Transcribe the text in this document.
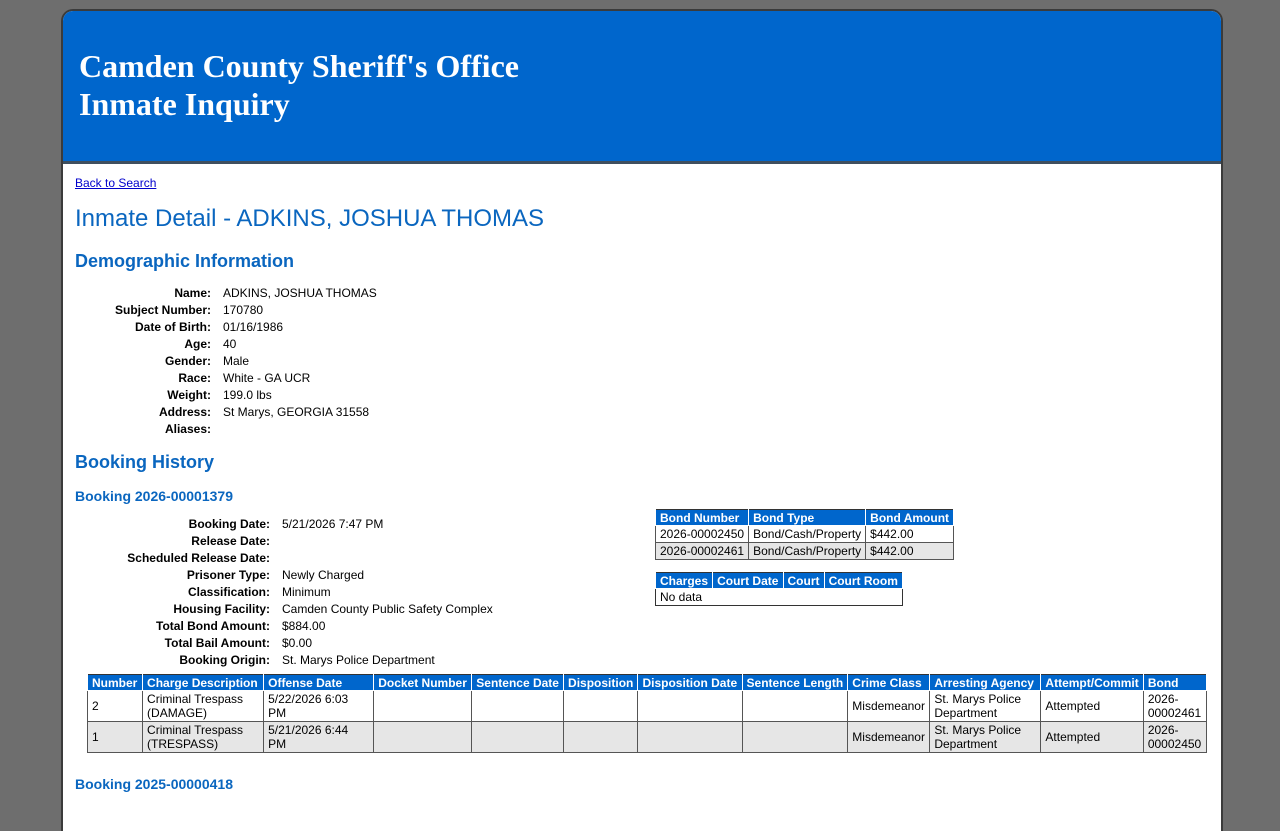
Camden County Sheriff's Office
Inmate Inquiry
Back to Search
Inmate Detail - ADKINS, JOSHUA THOMAS
Demographic Information
Name:	ADKINS, JOSHUA THOMAS
Subject Number:	170780
Date of Birth:	01/16/1986
Age:	40
Gender:	Male
Race:	White - GA UCR
Weight:	199.0 lbs
Address:	St Marys, GEORGIA 31558
Aliases:	
Booking History
Booking 2026-00001379
Booking Date:	5/21/2026 7:47 PM
Release Date:	
Scheduled Release Date:	
Prisoner Type:	Newly Charged
Classification:	Minimum
Housing Facility:	Camden County Public Safety Complex
Total Bond Amount:	$884.00
Total Bail Amount:	$0.00
Booking Origin:	St. Marys Police Department
Bond Number	Bond Type	Bond Amount
2026-00002450	Bond/Cash/Property	$442.00
2026-00002461	Bond/Cash/Property	$442.00
Charges	Court Date	Court	Court Room
No data
Number	Charge Description	Offense Date	Docket Number	Sentence Date	Disposition	Disposition Date	Sentence Length	Crime Class	Arresting Agency	Attempt/Commit	Bond
2	Criminal Trespass (DAMAGE)	5/22/2026 6:03 PM						Misdemeanor	St. Marys Police Department	Attempted	2026-00002461
1	Criminal Trespass (TRESPASS)	5/21/2026 6:44 PM						Misdemeanor	St. Marys Police Department	Attempted	2026-00002450
Booking 2025-00000418
